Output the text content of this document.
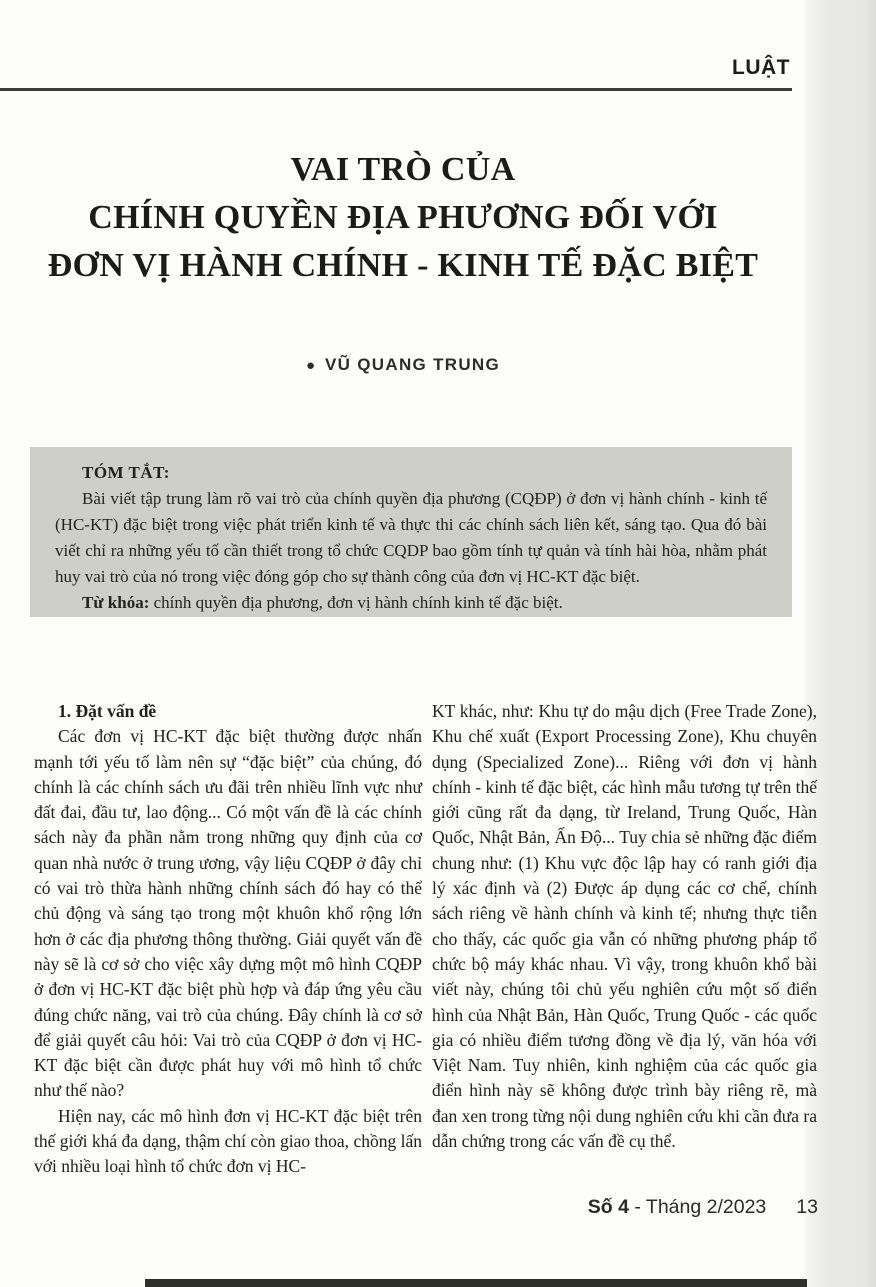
LUẬT
VAI TRÒ CỦA
CHÍNH QUYỀN ĐỊA PHƯƠNG ĐỐI VỚI
ĐƠN VỊ HÀNH CHÍNH - KINH TẾ ĐẶC BIỆT
● VŨ QUANG TRUNG

TÓM TẮT:

Bài viết tập trung làm rõ vai trò của chính quyền địa phương (CQĐP) ở đơn vị hành chính - kinh tế (HC-KT) đặc biệt trong việc phát triển kinh tế và thực thi các chính sách liên kết, sáng tạo. Qua đó bài viết chỉ ra những yếu tố cần thiết trong tổ chức CQDP bao gồm tính tự quản và tính hài hòa, nhằm phát huy vai trò của nó trong việc đóng góp cho sự thành công của đơn vị HC-KT đặc biệt.

Từ khóa: chính quyền địa phương, đơn vị hành chính kinh tế đặc biệt.

1. Đặt vấn đề

Các đơn vị HC-KT đặc biệt thường được nhấn mạnh tới yếu tố làm nên sự “đặc biệt” của chúng, đó chính là các chính sách ưu đãi trên nhiều lĩnh vực như đất đai, đầu tư, lao động... Có một vấn đề là các chính sách này đa phần nằm trong những quy định của cơ quan nhà nước ở trung ương, vậy liệu CQĐP ở đây chỉ có vai trò thừa hành những chính sách đó hay có thể chủ động và sáng tạo trong một khuôn khổ rộng lớn hơn ở các địa phương thông thường. Giải quyết vấn đề này sẽ là cơ sở cho việc xây dựng một mô hình CQĐP ở đơn vị HC-KT đặc biệt phù hợp và đáp ứng yêu cầu đúng chức năng, vai trò của chúng. Đây chính là cơ sở để giải quyết câu hỏi: Vai trò của CQĐP ở đơn vị HC-KT đặc biệt cần được phát huy với mô hình tổ chức như thế nào?

Hiện nay, các mô hình đơn vị HC-KT đặc biệt trên thế giới khá đa dạng, thậm chí còn giao thoa, chồng lấn với nhiều loại hình tổ chức đơn vị HC-

KT khác, như: Khu tự do mậu dịch (Free Trade Zone), Khu chế xuất (Export Processing Zone), Khu chuyên dụng (Specialized Zone)... Riêng với đơn vị hành chính - kinh tế đặc biệt, các hình mẫu tương tự trên thế giới cũng rất đa dạng, từ Ireland, Trung Quốc, Hàn Quốc, Nhật Bản, Ấn Độ... Tuy chia sẻ những đặc điểm chung như: (1) Khu vực độc lập hay có ranh giới địa lý xác định và (2) Được áp dụng các cơ chế, chính sách riêng về hành chính và kinh tế; nhưng thực tiễn cho thấy, các quốc gia vẫn có những phương pháp tổ chức bộ máy khác nhau. Vì vậy, trong khuôn khổ bài viết này, chúng tôi chủ yếu nghiên cứu một số điển hình của Nhật Bản, Hàn Quốc, Trung Quốc - các quốc gia có nhiều điểm tương đồng về địa lý, văn hóa với Việt Nam. Tuy nhiên, kinh nghiệm của các quốc gia điển hình này sẽ không được trình bày riêng rẽ, mà đan xen trong từng nội dung nghiên cứu khi cần đưa ra dẫn chứng trong các vấn đề cụ thể.

Số 4 - Tháng 2/2023 13
